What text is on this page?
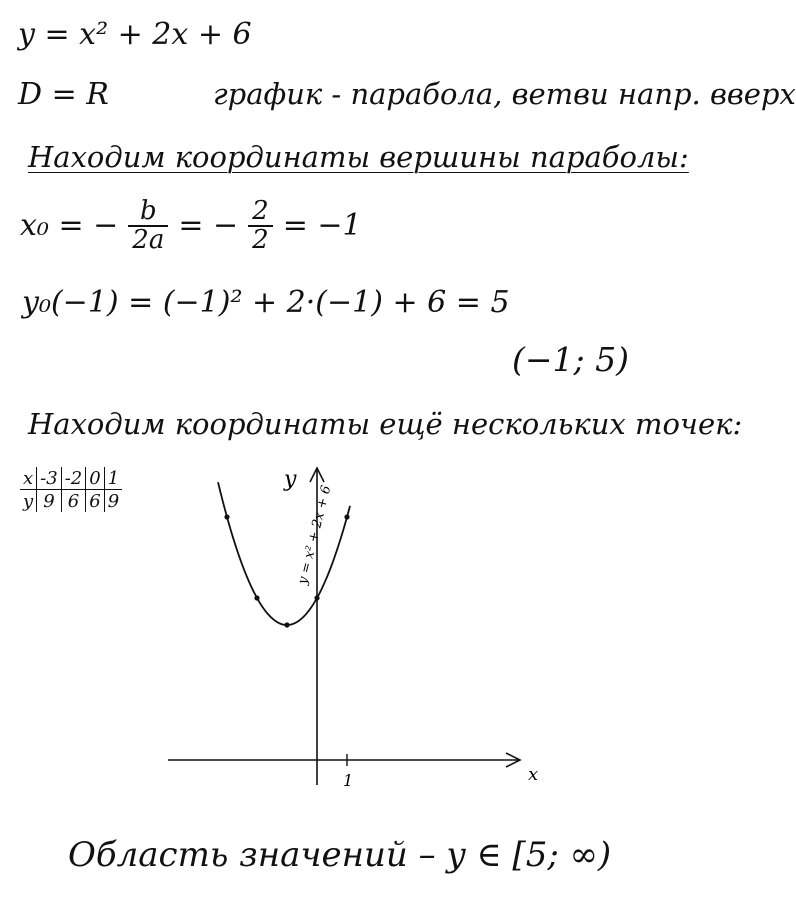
y = x² + 2x + 6
D = R	график - парабола, ветви напр. вверх
Находим координаты вершины параболы:
x₀ = − $\frac{b}{2a}$ = − $\frac{2}{2} = -1$
y₀(−1) = (−1)² + 2·(−1) + 6 = 5
(−1; 5)
Находим координаты ещё нескольких точек:
x	-3	-2	0	1
y	9	6	6	9
1	x
y
y = x² + 2x + 6
Область значений – y ∈ [5; ∞)
